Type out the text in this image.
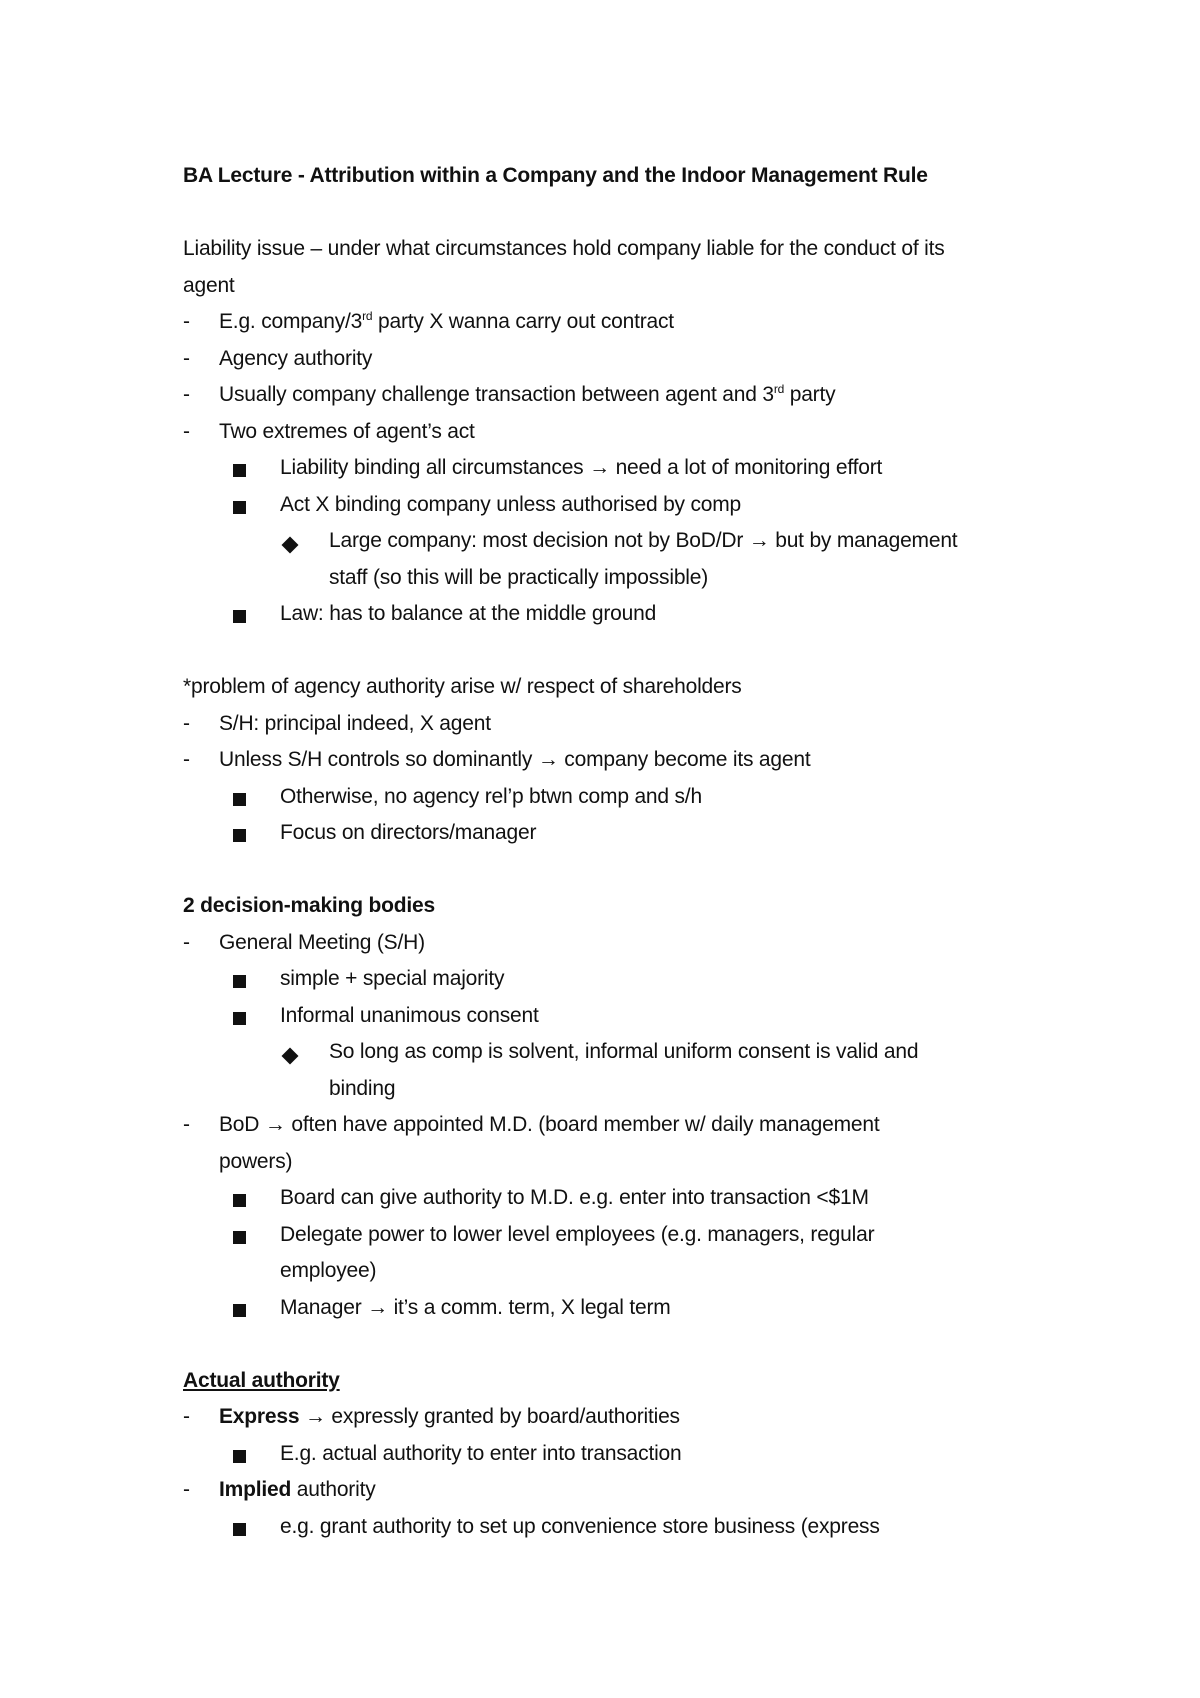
BA Lecture - Attribution within a Company and the Indoor Management Rule
Liability issue – under what circumstances hold company liable for the conduct of its
agent
- E.g. company/3rd party X wanna carry out contract
- Agency authority
- Usually company challenge transaction between agent and 3rd party
- Two extremes of agent’s act
Liability binding all circumstances → need a lot of monitoring effort
Act X binding company unless authorised by comp
Large company: most decision not by BoD/Dr → but by management
staff (so this will be practically impossible)
Law: has to balance at the middle ground
*problem of agency authority arise w/ respect of shareholders
- S/H: principal indeed, X agent
- Unless S/H controls so dominantly → company become its agent
Otherwise, no agency rel’p btwn comp and s/h
Focus on directors/manager
2 decision-making bodies
- General Meeting (S/H)
simple + special majority
Informal unanimous consent
So long as comp is solvent, informal uniform consent is valid and
binding
- BoD → often have appointed M.D. (board member w/ daily management
powers)
Board can give authority to M.D. e.g. enter into transaction <$1M
Delegate power to lower level employees (e.g. managers, regular
employee)
Manager → it’s a comm. term, X legal term
Actual authority
- Express → expressly granted by board/authorities
E.g. actual authority to enter into transaction
- Implied authority
e.g. grant authority to set up convenience store business (express
